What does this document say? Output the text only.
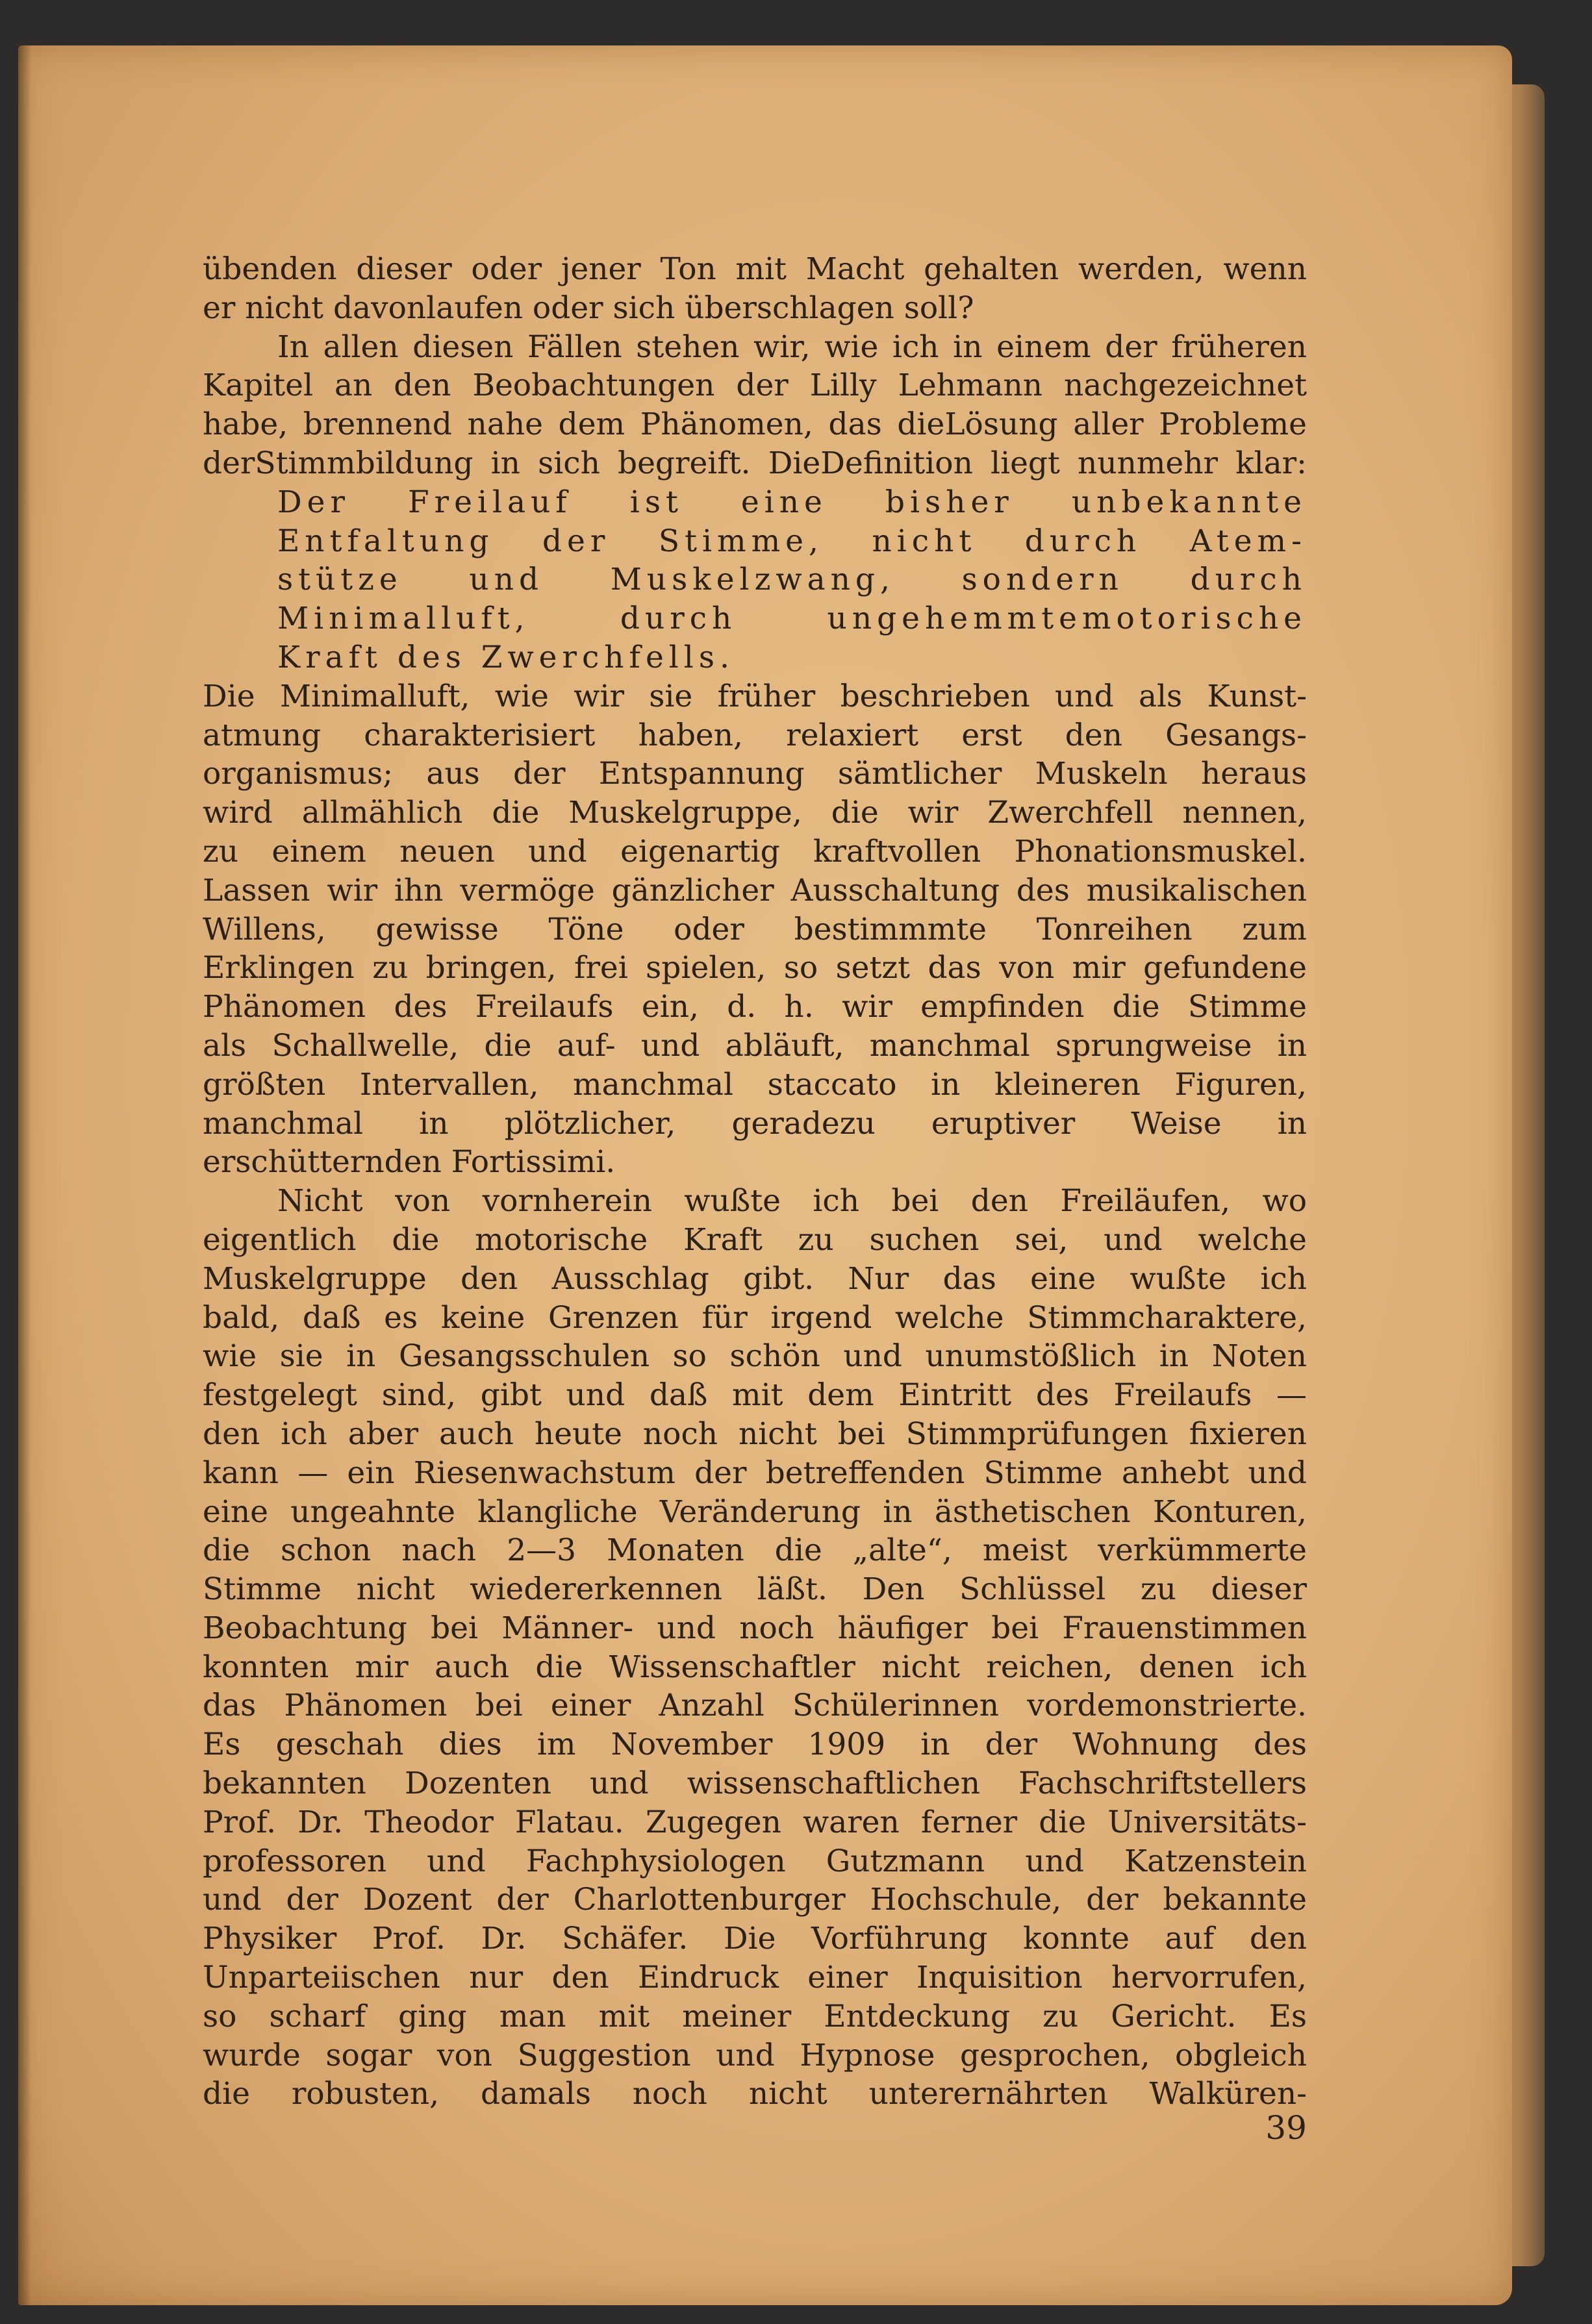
übenden dieser oder jener Ton mit Macht gehalten werden, wenn
er nicht davonlaufen oder sich überschlagen soll?
In allen diesen Fällen stehen wir, wie ich in einem der früheren
Kapitel an den Beobachtungen der Lilly Lehmann nachgezeichnet
habe, brennend nahe dem Phänomen, das dieLösung aller Probleme
derStimmbildung in sich begreift. DieDefinition liegt nunmehr klar:
Der Freilauf ist eine bisher unbekannte
Entfaltung der Stimme, nicht durch Atem-
stütze und Muskelzwang, sondern durch
Minimalluft, durch ungehemmtemotorische
Kraft des Zwerchfells.
Die Minimalluft, wie wir sie früher beschrieben und als Kunst-
atmung charakterisiert haben, relaxiert erst den Gesangs-
organismus; aus der Entspannung sämtlicher Muskeln heraus
wird allmählich die Muskelgruppe, die wir Zwerchfell nennen,
zu einem neuen und eigenartig kraftvollen Phonationsmuskel.
Lassen wir ihn vermöge gänzlicher Ausschaltung des musikalischen
Willens, gewisse Töne oder bestimmmte Tonreihen zum
Erklingen zu bringen, frei spielen, so setzt das von mir gefundene
Phänomen des Freilaufs ein, d. h. wir empfinden die Stimme
als Schallwelle, die auf- und abläuft, manchmal sprungweise in
größten Intervallen, manchmal staccato in kleineren Figuren,
manchmal in plötzlicher, geradezu eruptiver Weise in
erschütternden Fortissimi.
Nicht von vornherein wußte ich bei den Freiläufen, wo
eigentlich die motorische Kraft zu suchen sei, und welche
Muskelgruppe den Ausschlag gibt. Nur das eine wußte ich
bald, daß es keine Grenzen für irgend welche Stimmcharaktere,
wie sie in Gesangsschulen so schön und unumstößlich in Noten
festgelegt sind, gibt und daß mit dem Eintritt des Freilaufs —
den ich aber auch heute noch nicht bei Stimmprüfungen fixieren
kann — ein Riesenwachstum der betreffenden Stimme anhebt und
eine ungeahnte klangliche Veränderung in ästhetischen Konturen,
die schon nach 2—3 Monaten die „alte“, meist verkümmerte
Stimme nicht wiedererkennen läßt. Den Schlüssel zu dieser
Beobachtung bei Männer- und noch häufiger bei Frauenstimmen
konnten mir auch die Wissenschaftler nicht reichen, denen ich
das Phänomen bei einer Anzahl Schülerinnen vordemonstrierte.
Es geschah dies im November 1909 in der Wohnung des
bekannten Dozenten und wissenschaftlichen Fachschriftstellers
Prof. Dr. Theodor Flatau. Zugegen waren ferner die Universitäts-
professoren und Fachphysiologen Gutzmann und Katzenstein
und der Dozent der Charlottenburger Hochschule, der bekannte
Physiker Prof. Dr. Schäfer. Die Vorführung konnte auf den
Unparteiischen nur den Eindruck einer Inquisition hervorrufen,
so scharf ging man mit meiner Entdeckung zu Gericht. Es
wurde sogar von Suggestion und Hypnose gesprochen, obgleich
die robusten, damals noch nicht unterernährten Walküren-
39
